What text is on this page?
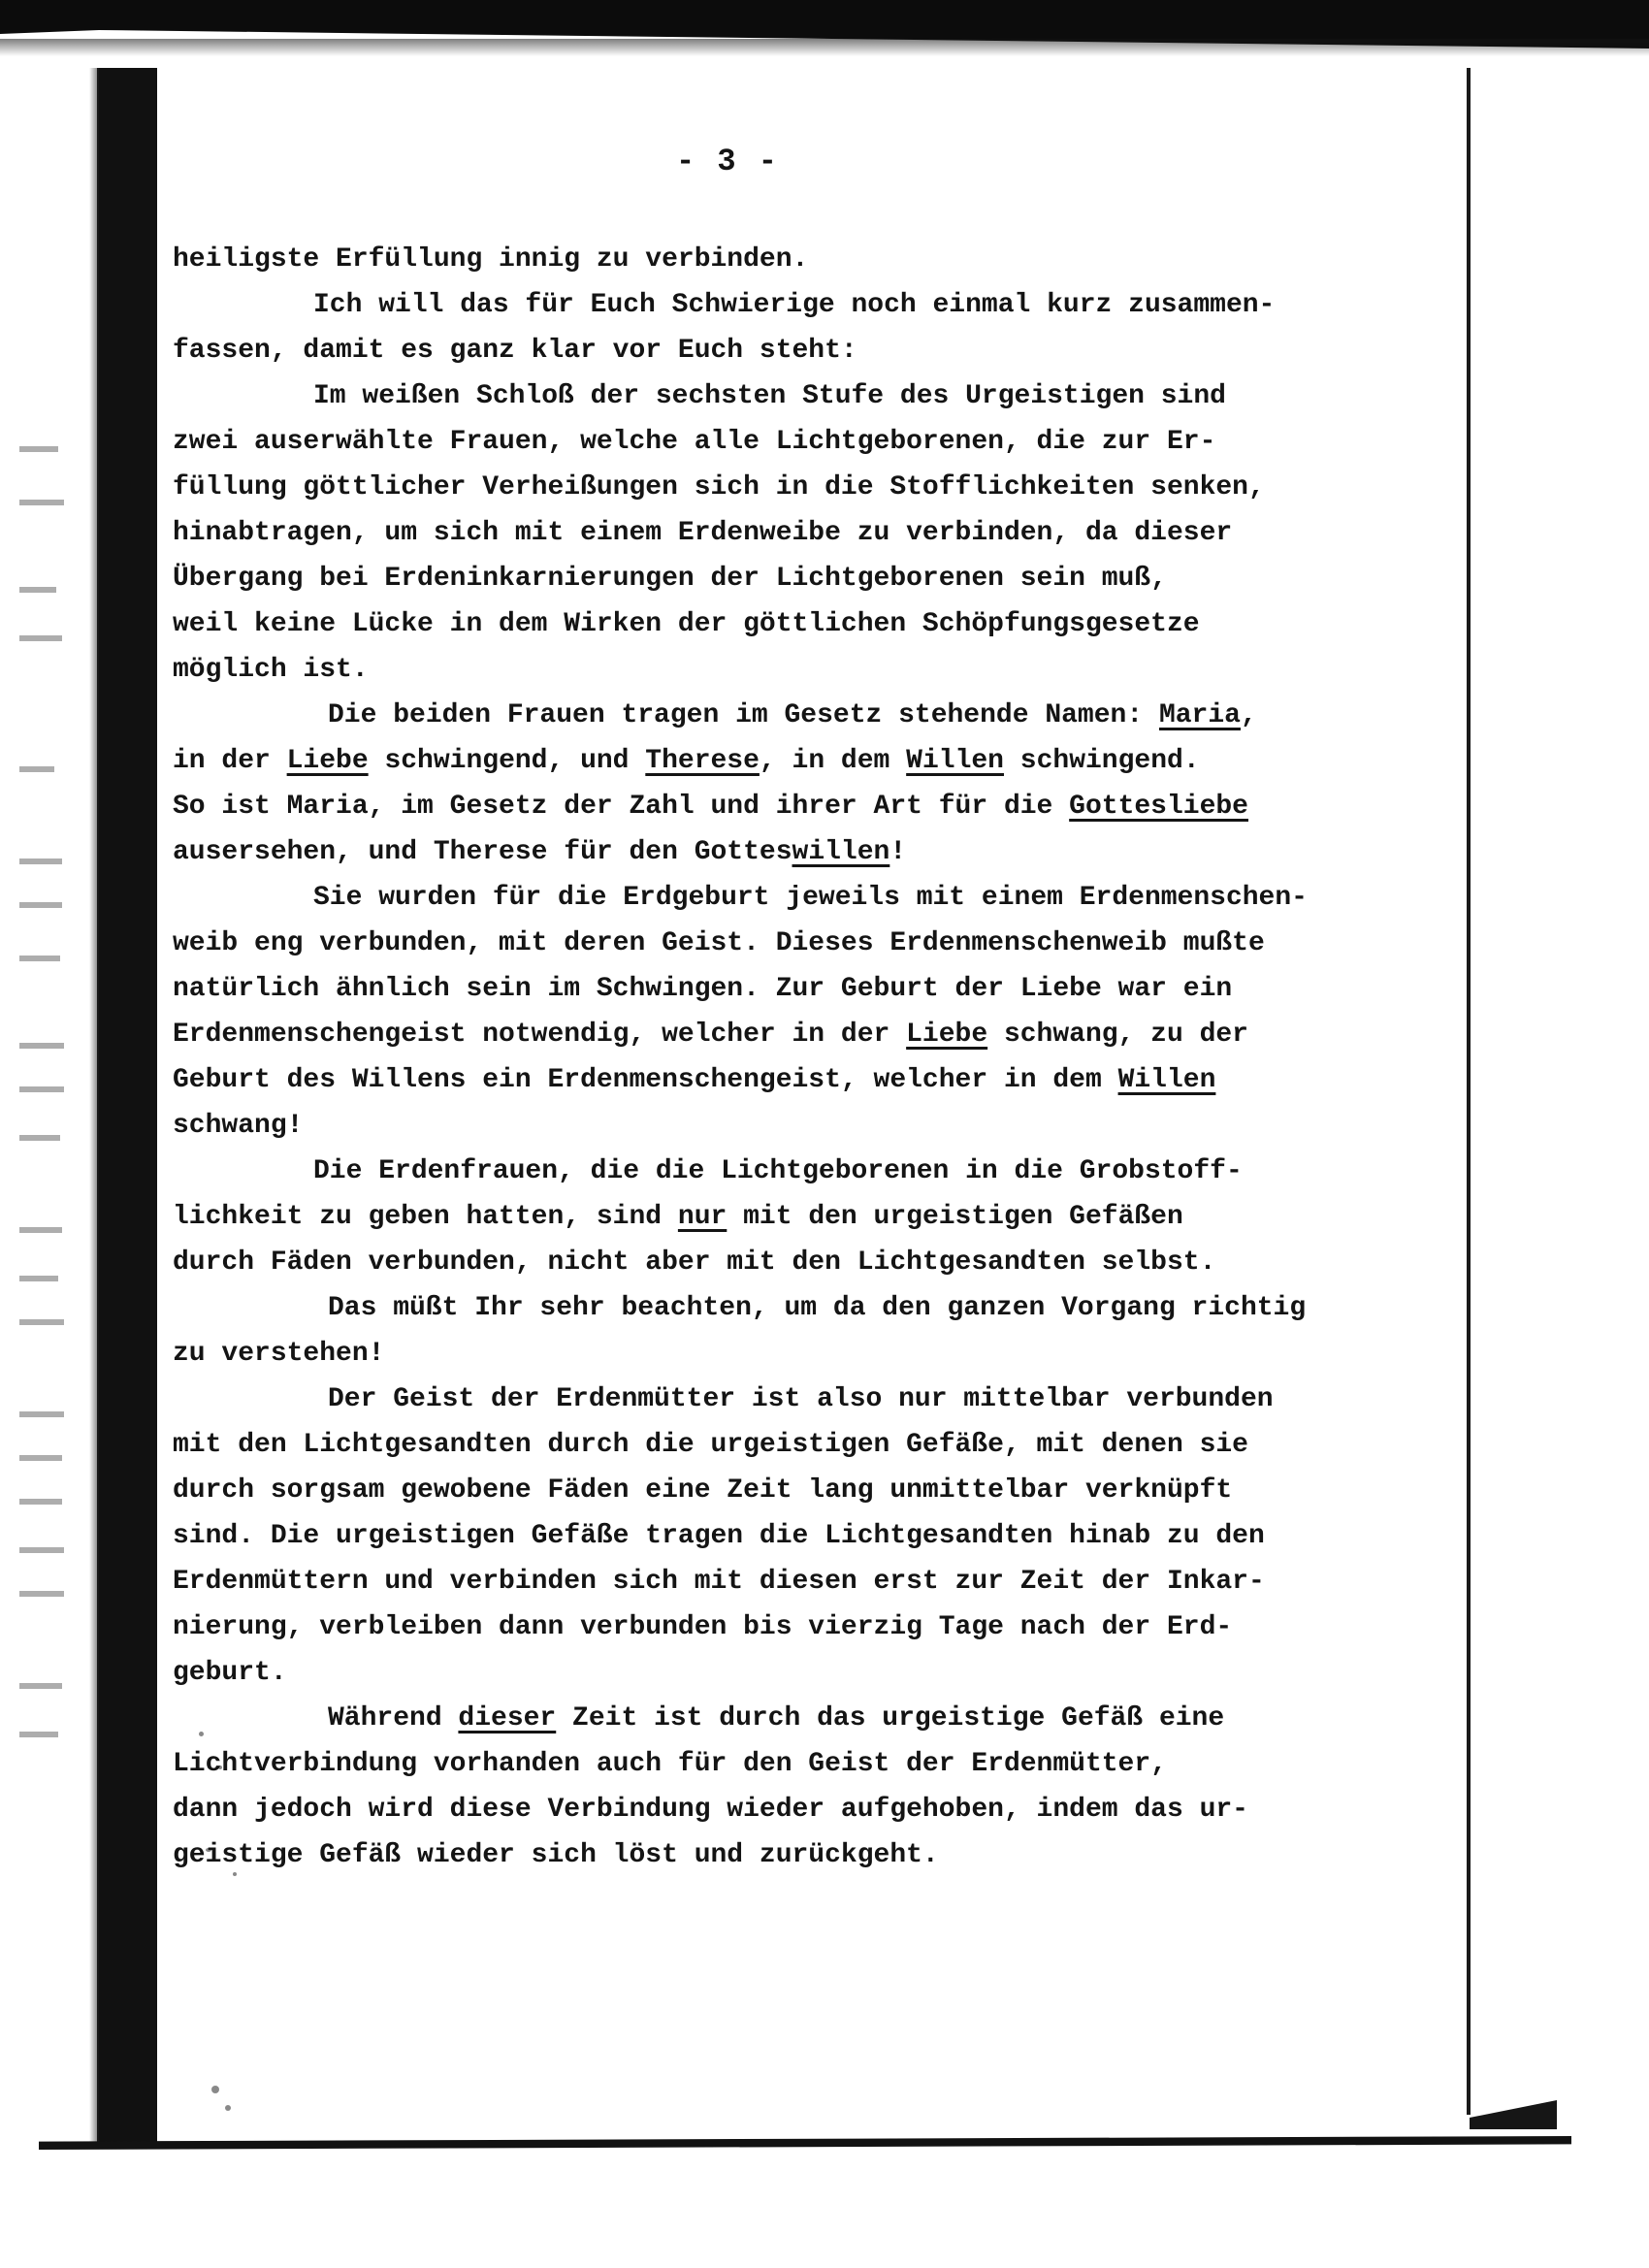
- 3 -
heiligste Erfüllung innig zu verbinden.
Ich will das für Euch Schwierige noch einmal kurz zusammen-
fassen, damit es ganz klar vor Euch steht:
Im weißen Schloß der sechsten Stufe des Urgeistigen sind
zwei auserwählte Frauen, welche alle Lichtgeborenen, die zur Er-
füllung göttlicher Verheißungen sich in die Stofflichkeiten senken,
hinabtragen, um sich mit einem Erdenweibe zu verbinden, da dieser
Übergang bei Erdeninkarnierungen der Lichtgeborenen sein muß,
weil keine Lücke in dem Wirken der göttlichen Schöpfungsgesetze
möglich ist.
Die beiden Frauen tragen im Gesetz stehende Namen: Maria,
in der Liebe schwingend, und Therese, in dem Willen schwingend.
So ist Maria, im Gesetz der Zahl und ihrer Art für die Gottesliebe
ausersehen, und Therese für den Gotteswillen!
Sie wurden für die Erdgeburt jeweils mit einem Erdenmenschen-
weib eng verbunden, mit deren Geist. Dieses Erdenmenschenweib mußte
natürlich ähnlich sein im Schwingen. Zur Geburt der Liebe war ein
Erdenmenschengeist notwendig, welcher in der Liebe schwang, zu der
Geburt des Willens ein Erdenmenschengeist, welcher in dem Willen
schwang!
Die Erdenfrauen, die die Lichtgeborenen in die Grobstoff-
lichkeit zu geben hatten, sind nur mit den urgeistigen Gefäßen
durch Fäden verbunden, nicht aber mit den Lichtgesandten selbst.
Das müßt Ihr sehr beachten, um da den ganzen Vorgang richtig
zu verstehen!
Der Geist der Erdenmütter ist also nur mittelbar verbunden
mit den Lichtgesandten durch die urgeistigen Gefäße, mit denen sie
durch sorgsam gewobene Fäden eine Zeit lang unmittelbar verknüpft
sind. Die urgeistigen Gefäße tragen die Lichtgesandten hinab zu den
Erdenmüttern und verbinden sich mit diesen erst zur Zeit der Inkar-
nierung, verbleiben dann verbunden bis vierzig Tage nach der Erd-
geburt.
Während dieser Zeit ist durch das urgeistige Gefäß eine
Lichtverbindung vorhanden auch für den Geist der Erdenmütter,
dann jedoch wird diese Verbindung wieder aufgehoben, indem das ur-
geistige Gefäß wieder sich löst und zurückgeht.
